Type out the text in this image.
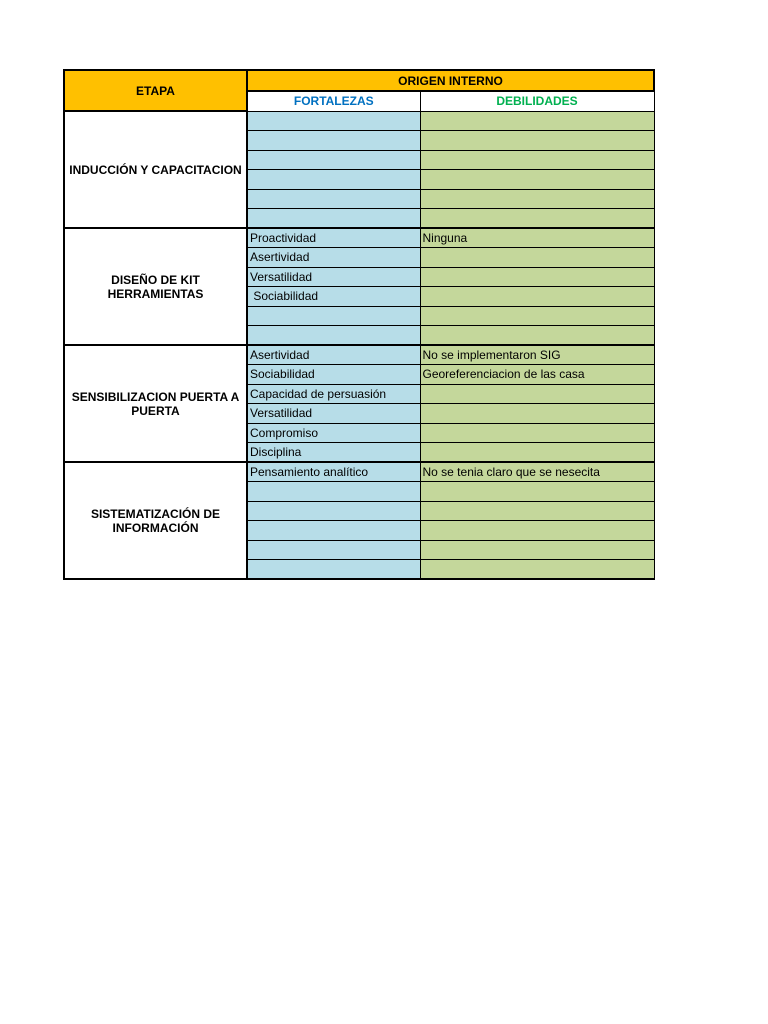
ETAPA	ORIGEN INTERNO	
	FORTALEZAS	DEBILIDADES
INDUCCIÓN Y CAPACITACION		

DISEÑO DE KIT HERRAMIENTAS	Proactividad	Ninguna
	Asertividad	
	Versatilidad	
	Sociabilidad	

SENSIBILIZACION PUERTA A PUERTA	Asertividad	No se implementaron SIG
	Sociabilidad	Georeferenciacion de las casa
	Capacidad de persuasión	
	Versatilidad	
	Compromiso	
	Disciplina	
SISTEMATIZACIÓN DE INFORMACIÓN	Pensamiento analítico	No se tenia claro que se nesecita
